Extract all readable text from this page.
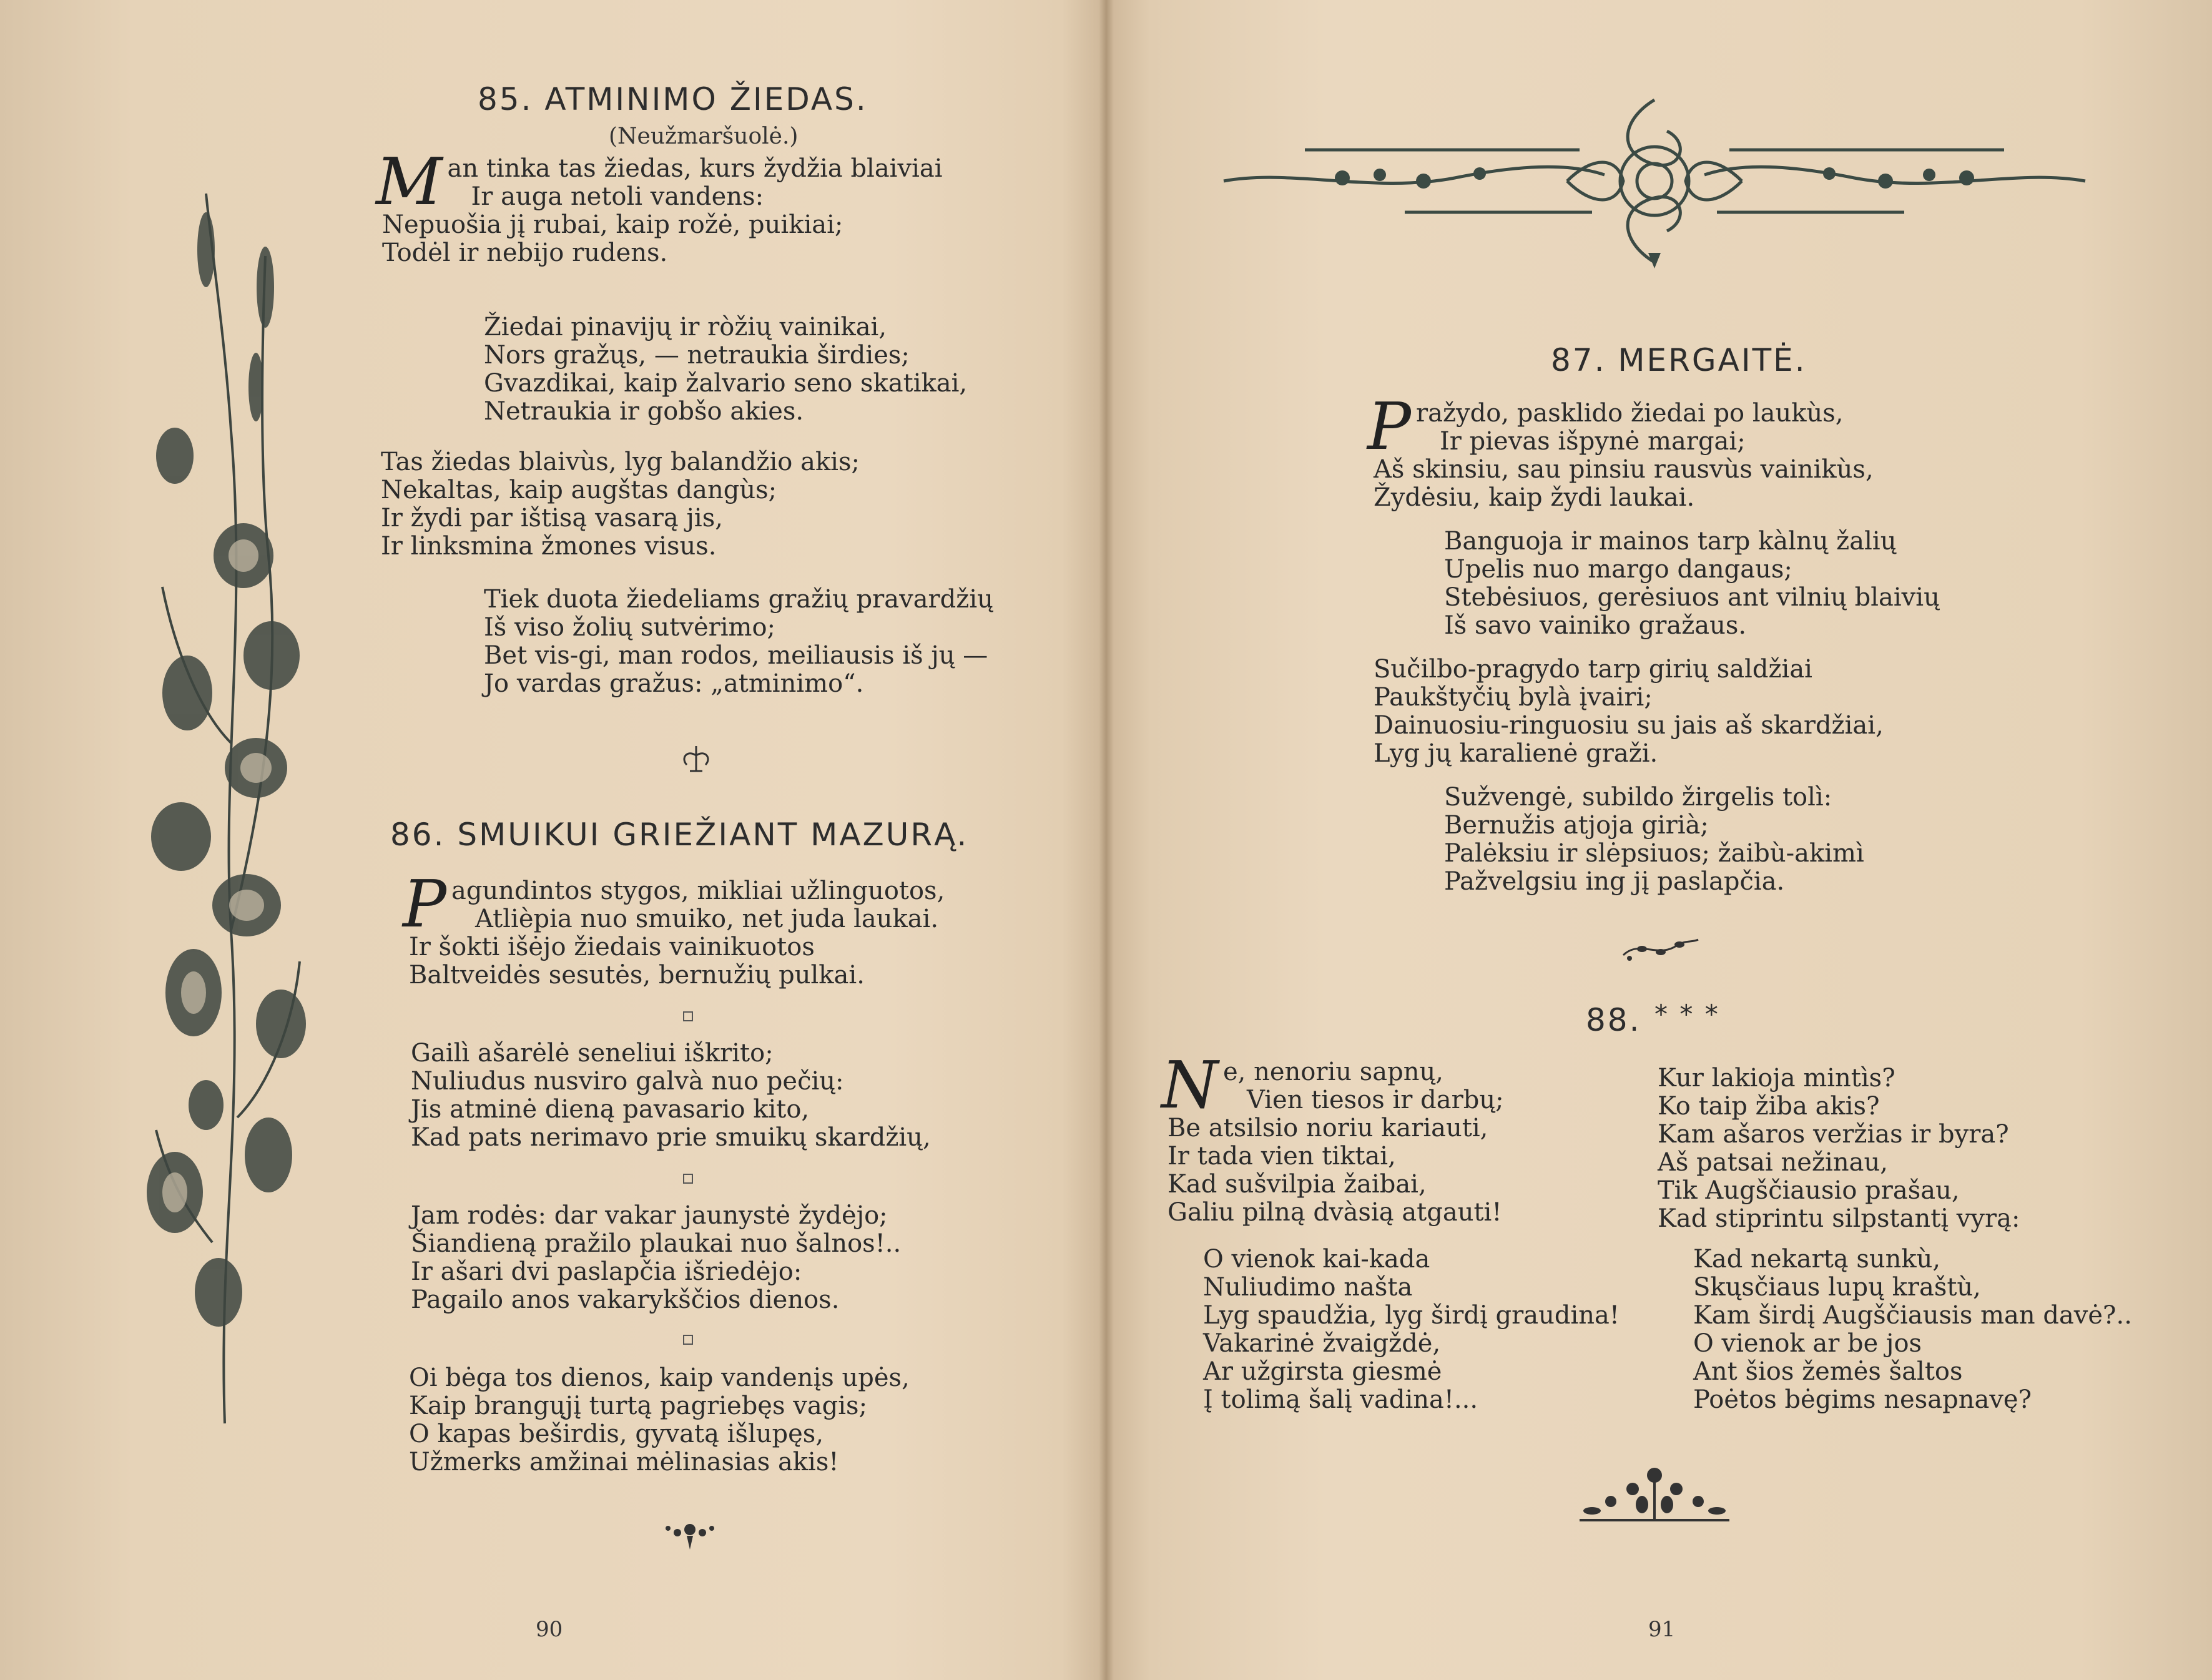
85. ATMINIMO ŽIEDAS.
(Neužmaršuolė.)
M an tinka tas žiedas, kurs žydžia blaiviai
Ir auga netoli vandens:
Nepuošia jį rubai, kaip rožė, puikiai;
Todėl ir nebijo rudens.
Žiedai pinavijų ir ròžių vainikai,
Nors gražųs, — netraukia širdies;
Gvazdikai, kaip žalvario seno skatikai,
Netraukia ir gobšo akies.
Tas žiedas blaivùs, lyg balandžio akis;
Nekaltas, kaip augštas dangùs;
Ir žydi par ištisą vasarą jis,
Ir linksmina žmones visus.
Tiek duota žiedeliams gražių pravardžių
Iš viso žolių sutvėrimo;
Bet vis-gi, man rodos, meiliausis iš jų —
Jo vardas gražus: „atminimo“.
86. SMUIKUI GRIEŽIANT MAZURĄ.
P agundintos stygos, mikliai užlinguotos,
Atlièpia nuo smuiko, net juda laukai.
Ir šokti išėjo žiedais vainikuotos
Baltveidės sesutės, bernužių pulkai.
Gailì ašarėlė seneliui iškrito;
Nuliudus nusviro galvà nuo pečių:
Jis atminė dieną pavasario kito,
Kad pats nerimavo prie smuikų skardžių,
Jam rodės: dar vakar jaunystė žydėjo;
Šiandieną pražilo plaukai nuo šalnos!..
Ir ašari dvi paslapčia išriedėjo:
Pagailo anos vakarykščios dienos.
Oi bėga tos dienos, kaip vandenįs upės,
Kaip brangųjį turtą pagriebęs vagis;
O kapas beširdis, gyvatą išlupęs,
Užmerks amžinai mėlinasias akis!
90
87. MERGAITĖ.
P ražydo, pasklido žiedai po laukùs,
Ir pievas išpynė margai;
Aš skinsiu, sau pinsiu rausvùs vainikùs,
Žydėsiu, kaip žydi laukai.
Banguoja ir mainos tarp kàlnų žalių
Upelis nuo margo dangaus;
Stebėsiuos, gerėsiuos ant vilnių blaivių
Iš savo vainiko gražaus.
Sučilbo-pragydo tarp girių saldžiai
Paukštyčių bylà įvairi;
Dainuosiu-ringuosiu su jais aš skardžiai,
Lyg jų karalienė graži.
Sužvengė, subildo žirgelis tolì:
Bernužis atjoja girià;
Palėksiu ir slėpsiuos; žaibù-akimì
Pažvelgsiu ing jį paslapčia.
88. * * *
N e, nenoriu sapnų,
Vien tiesos ir darbų;
Be atsilsio noriu kariauti,
Ir tada vien tiktai,
Kad sušvilpia žaibai,
Galiu pilną dvàsią atgauti!
O vienok kai-kada
Nuliudimo našta
Lyg spaudžia, lyg širdį graudina!
Vakarinė žvaigždė,
Ar užgirsta giesmė
Į tolimą šalį vadina!...
Kur lakioja mintìs?
Ko taip žiba akis?
Kam ašaros veržias ir byra?
Aš patsai nežinau,
Tik Augščiausio prašau,
Kad stiprintu silpstantį vyrą:
Kad nekartą sunkù,
Skųsčiaus lupų kraštù,
Kam širdį Augščiausis man davė?..
O vienok ar be jos
Ant šios žemės šaltos
Poėtos bėgims nesapnavę?
91
